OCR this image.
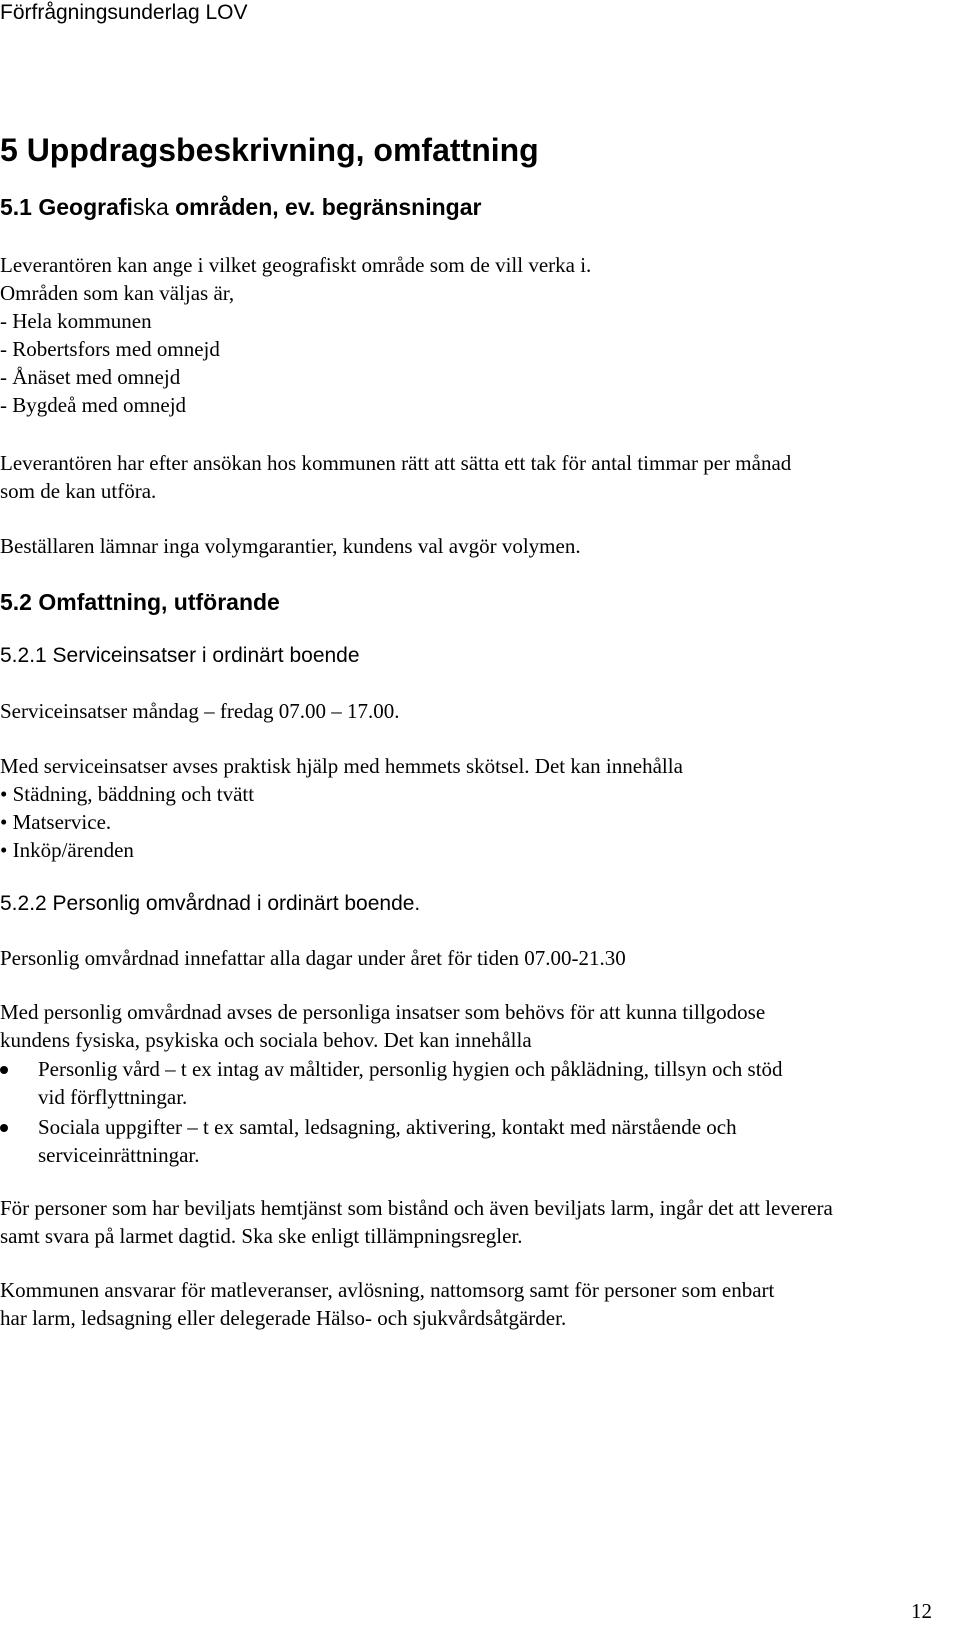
Förfrågningsunderlag LOV
5 Uppdragsbeskrivning, omfattning
5.1 Geografiska områden, ev. begränsningar
Leverantören kan ange i vilket geografiskt område som de vill verka i.
Områden som kan väljas är,
- Hela kommunen
- Robertsfors med omnejd
- Ånäset med omnejd
- Bygdeå med omnejd
Leverantören har efter ansökan hos kommunen rätt att sätta ett tak för antal timmar per månad
som de kan utföra.
Beställaren lämnar inga volymgarantier, kundens val avgör volymen.
5.2 Omfattning, utförande
5.2.1 Serviceinsatser i ordinärt boende
Serviceinsatser måndag – fredag 07.00 – 17.00.
Med serviceinsatser avses praktisk hjälp med hemmets skötsel. Det kan innehålla
• Städning, bäddning och tvätt
• Matservice.
• Inköp/ärenden
5.2.2 Personlig omvårdnad i ordinärt boende.
Personlig omvårdnad innefattar alla dagar under året för tiden 07.00-21.30
Med personlig omvårdnad avses de personliga insatser som behövs för att kunna tillgodose
kundens fysiska, psykiska och sociala behov. Det kan innehålla
Personlig vård – t ex intag av måltider, personlig hygien och påklädning, tillsyn och stöd
vid förflyttningar.
Sociala uppgifter – t ex samtal, ledsagning, aktivering, kontakt med närstående och
serviceinrättningar.
För personer som har beviljats hemtjänst som bistånd och även beviljats larm, ingår det att leverera
samt svara på larmet dagtid. Ska ske enligt tillämpningsregler.
Kommunen ansvarar för matleveranser, avlösning, nattomsorg samt för personer som enbart
har larm, ledsagning eller delegerade Hälso- och sjukvårdsåtgärder.
12
